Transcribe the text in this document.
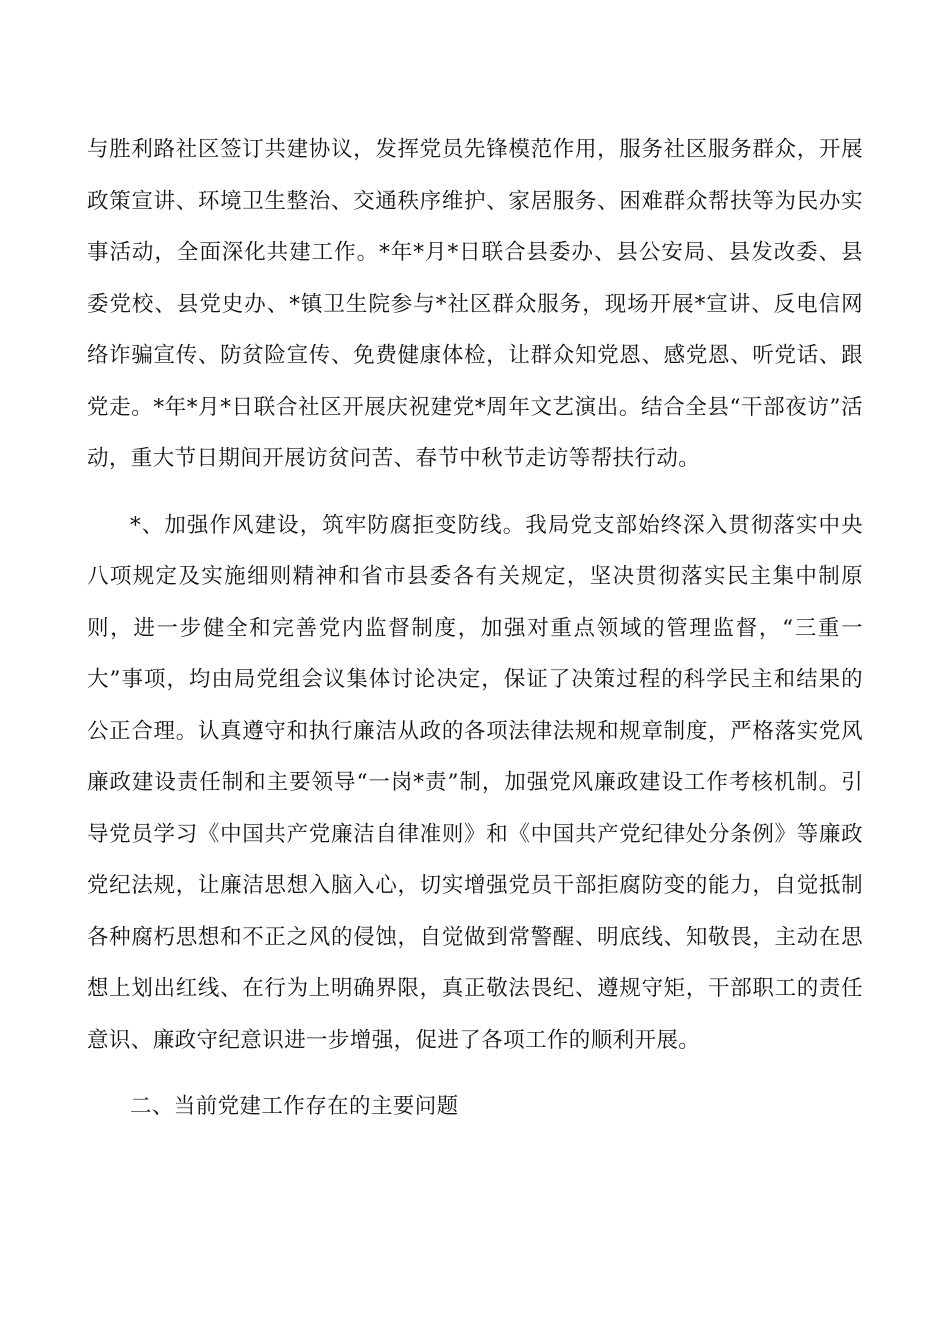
与胜利路社区签订共建协议，发挥党员先锋模范作用，服务社区服务群众，开展政策宣讲、环境卫生整治、交通秩序维护、家居服务、困难群众帮扶等为民办实事活动，全面深化共建工作。*年*月*日联合县委办、县公安局、县发改委、县委党校、县党史办、*镇卫生院参与*社区群众服务，现场开展*宣讲、反电信网络诈骗宣传、防贫险宣传、免费健康体检，让群众知党恩、感党恩、听党话、跟党走。*年*月*日联合社区开展庆祝建党*周年文艺演出。结合全县“干部夜访”活动，重大节日期间开展访贫问苦、春节中秋节走访等帮扶行动。

*、加强作风建设，筑牢防腐拒变防线。我局党支部始终深入贯彻落实中央八项规定及实施细则精神和省市县委各有关规定，坚决贯彻落实民主集中制原则，进一步健全和完善党内监督制度，加强对重点领域的管理监督，“三重一大”事项，均由局党组会议集体讨论决定，保证了决策过程的科学民主和结果的公正合理。认真遵守和执行廉洁从政的各项法律法规和规章制度，严格落实党风廉政建设责任制和主要领导“一岗*责”制，加强党风廉政建设工作考核机制。引导党员学习《中国共产党廉洁自律准则》和《中国共产党纪律处分条例》等廉政党纪法规，让廉洁思想入脑入心，切实增强党员干部拒腐防变的能力，自觉抵制各种腐朽思想和不正之风的侵蚀，自觉做到常警醒、明底线、知敬畏，主动在思想上划出红线、在行为上明确界限，真正敬法畏纪、遵规守矩，干部职工的责任意识、廉政守纪意识进一步增强，促进了各项工作的顺利开展。

二、当前党建工作存在的主要问题
